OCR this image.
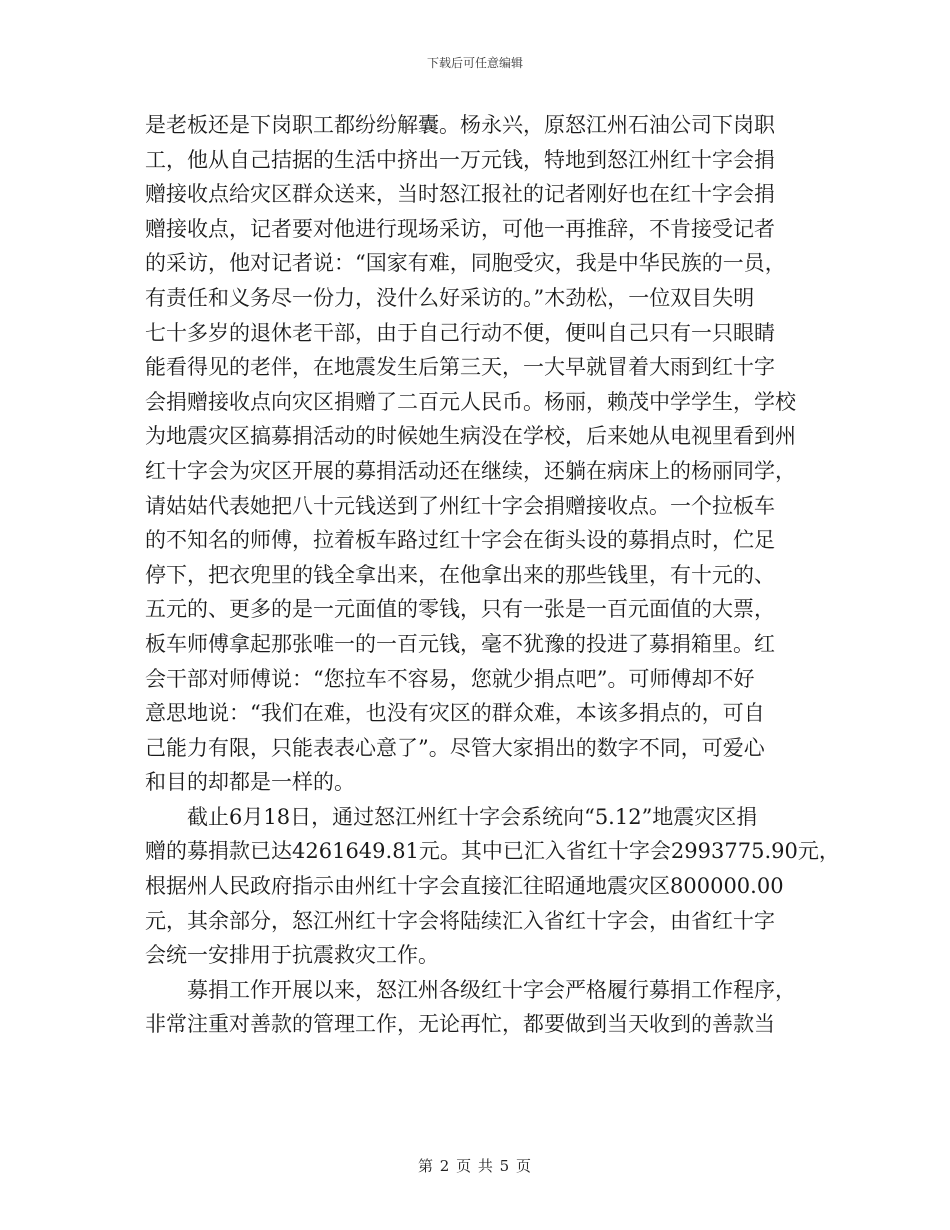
下载后可任意编辑
是老板还是下岗职工都纷纷解囊。杨永兴，原怒江州石油公司下岗职
工，他从自己拮据的生活中挤出一万元钱，特地到怒江州红十字会捐
赠接收点给灾区群众送来，当时怒江报社的记者刚好也在红十字会捐
赠接收点，记者要对他进行现场采访，可他一再推辞，不肯接受记者
的采访，他对记者说：“国家有难，同胞受灾，我是中华民族的一员，
有责任和义务尽一份力，没什么好采访的。”木劲松，一位双目失明
七十多岁的退休老干部，由于自己行动不便，便叫自己只有一只眼睛
能看得见的老伴，在地震发生后第三天，一大早就冒着大雨到红十字
会捐赠接收点向灾区捐赠了二百元人民币。杨丽，赖茂中学学生，学校
为地震灾区搞募捐活动的时候她生病没在学校，后来她从电视里看到州
红十字会为灾区开展的募捐活动还在继续，还躺在病床上的杨丽同学，
请姑姑代表她把八十元钱送到了州红十字会捐赠接收点。一个拉板车
的不知名的师傅，拉着板车路过红十字会在街头设的募捐点时，伫足
停下，把衣兜里的钱全拿出来，在他拿出来的那些钱里，有十元的、
五元的、更多的是一元面值的零钱，只有一张是一百元面值的大票，
板车师傅拿起那张唯一的一百元钱，毫不犹豫的投进了募捐箱里。红
会干部对师傅说：“您拉车不容易，您就少捐点吧”。可师傅却不好
意思地说：“我们在难，也没有灾区的群众难，本该多捐点的，可自
己能力有限，只能表表心意了”。尽管大家捐出的数字不同，可爱心
和目的却都是一样的。
　　截止6月18日，通过怒江州红十字会系统向“5.12”地震灾区捐
赠的募捐款已达4261649.81元。其中已汇入省红十字会2993775.90元，
根据州人民政府指示由州红十字会直接汇往昭通地震灾区800000.00
元，其余部分，怒江州红十字会将陆续汇入省红十字会，由省红十字
会统一安排用于抗震救灾工作。
　　募捐工作开展以来，怒江州各级红十字会严格履行募捐工作程序，
非常注重对善款的管理工作，无论再忙，都要做到当天收到的善款当
第 2 页 共 5 页
